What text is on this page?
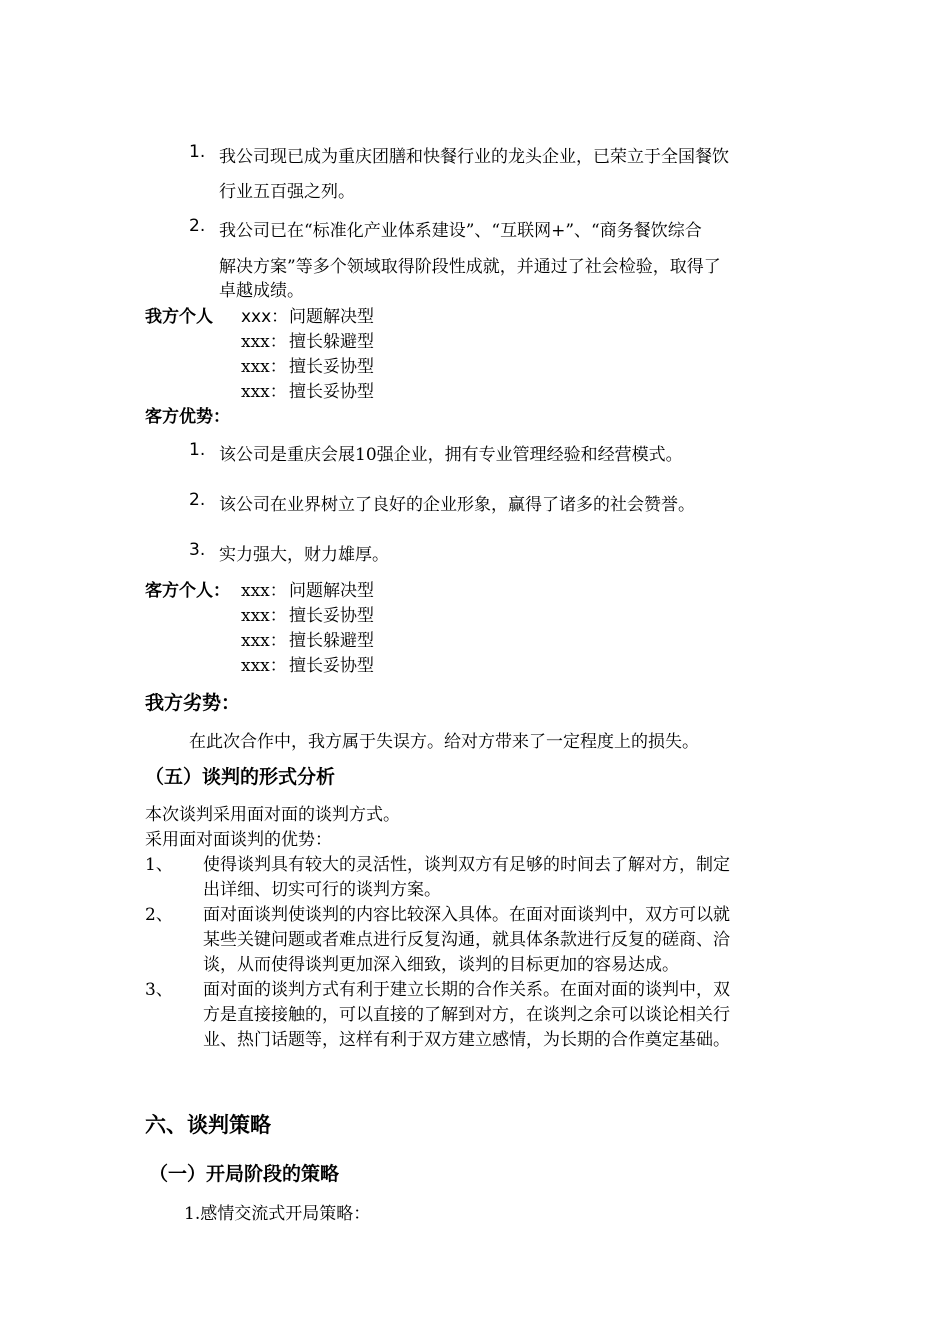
1. 我公司现已成为重庆团膳和快餐行业的龙头企业，已荣立于全国餐饮
行业五百强之列。
2. 我公司已在“标准化产业体系建设”、“互联网+”、“商务餐饮综合
解决方案”等多个领域取得阶段性成就，并通过了社会检验，取得了
卓越成绩。
我方个人 xxx： 问题解决型
xxx： 擅长躲避型
xxx： 擅长妥协型
xxx： 擅长妥协型
客方优势：
1. 该公司是重庆会展10强企业，拥有专业管理经验和经营模式。
2. 该公司在业界树立了良好的企业形象，赢得了诸多的社会赞誉。
3. 实力强大，财力雄厚。
客方个人： xxx： 问题解决型
xxx： 擅长妥协型
xxx： 擅长躲避型
xxx： 擅长妥协型
我方劣势：
在此次合作中，我方属于失误方。给对方带来了一定程度上的损失。
（五）谈判的形式分析
本次谈判采用面对面的谈判方式。
采用面对面谈判的优势：
1、 使得谈判具有较大的灵活性，谈判双方有足够的时间去了解对方，制定
出详细、切实可行的谈判方案。
2、 面对面谈判使谈判的内容比较深入具体。在面对面谈判中，双方可以就
某些关键问题或者难点进行反复沟通，就具体条款进行反复的磋商、洽
谈，从而使得谈判更加深入细致，谈判的目标更加的容易达成。
3、 面对面的谈判方式有利于建立长期的合作关系。在面对面的谈判中，双
方是直接接触的，可以直接的了解到对方，在谈判之余可以谈论相关行
业、热门话题等，这样有利于双方建立感情，为长期的合作奠定基础。
六、谈判策略
（一）开局阶段的策略
1.感情交流式开局策略：
